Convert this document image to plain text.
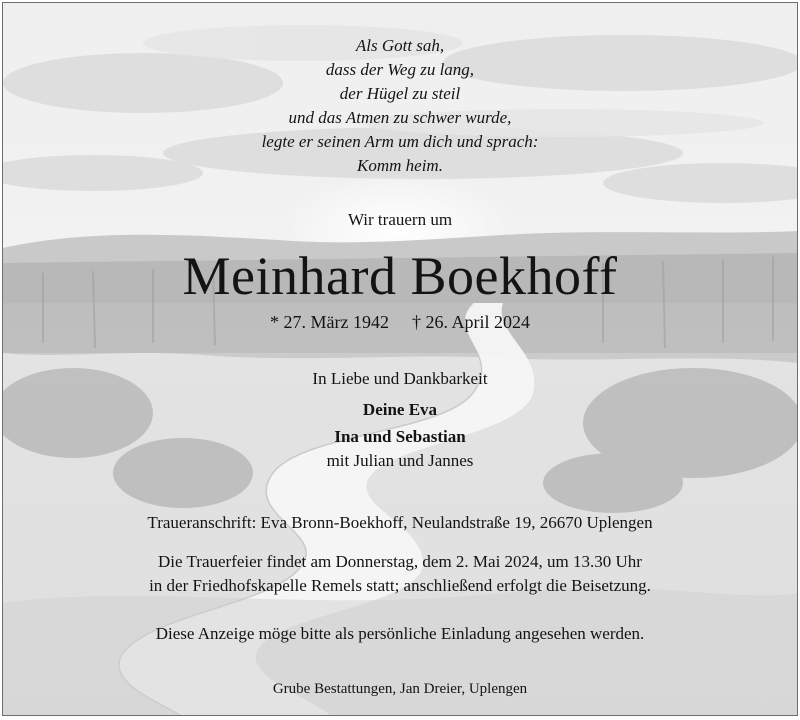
Als Gott sah,
dass der Weg zu lang,
der Hügel zu steil
und das Atmen zu schwer wurde,
legte er seinen Arm um dich und sprach:
Komm heim.
Wir trauern um
Meinhard Boekhoff
* 27. März 1942 † 26. April 2024
In Liebe und Dankbarkeit
Deine Eva
Ina und Sebastian
mit Julian und Jannes
Traueranschrift: Eva Bronn-Boekhoff, Neulandstraße 19, 26670 Uplengen
Die Trauerfeier findet am Donnerstag, dem 2. Mai 2024, um 13.30 Uhr
in der Friedhofskapelle Remels statt; anschließend erfolgt die Beisetzung.
Diese Anzeige möge bitte als persönliche Einladung angesehen werden.
Grube Bestattungen, Jan Dreier, Uplengen
